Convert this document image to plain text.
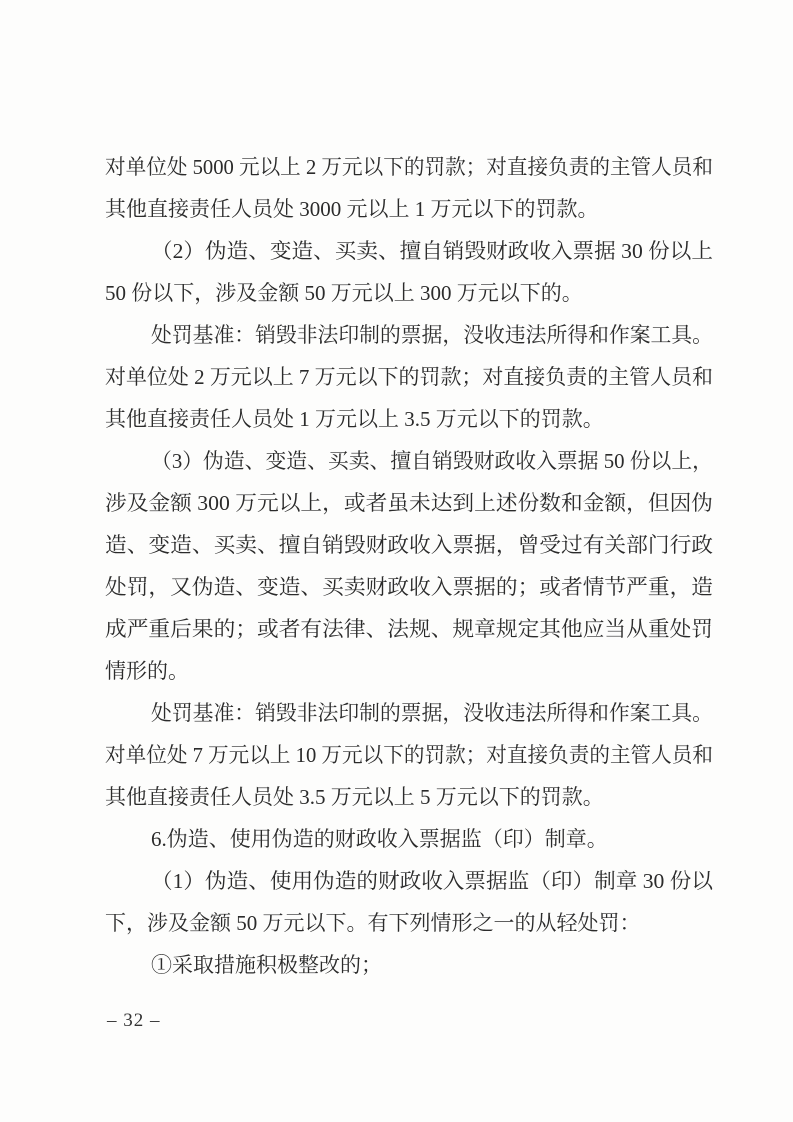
对单位处 5000 元以上 2 万元以下的罚款；对直接负责的主管人员和

其他直接责任人员处 3000 元以上 1 万元以下的罚款。

（2）伪造、变造、买卖、擅自销毁财政收入票据 30 份以上

50 份以下，涉及金额 50 万元以上 300 万元以下的。

处罚基准：销毁非法印制的票据，没收违法所得和作案工具。

对单位处 2 万元以上 7 万元以下的罚款；对直接负责的主管人员和

其他直接责任人员处 1 万元以上 3.5 万元以下的罚款。

（3）伪造、变造、买卖、擅自销毁财政收入票据 50 份以上，

涉及金额 300 万元以上，或者虽未达到上述份数和金额，但因伪

造、变造、买卖、擅自销毁财政收入票据，曾受过有关部门行政

处罚，又伪造、变造、买卖财政收入票据的；或者情节严重，造

成严重后果的；或者有法律、法规、规章规定其他应当从重处罚

情形的。

处罚基准：销毁非法印制的票据，没收违法所得和作案工具。

对单位处 7 万元以上 10 万元以下的罚款；对直接负责的主管人员和

其他直接责任人员处 3.5 万元以上 5 万元以下的罚款。

6.伪造、使用伪造的财政收入票据监（印）制章。

（1）伪造、使用伪造的财政收入票据监（印）制章 30 份以

下，涉及金额 50 万元以下。有下列情形之一的从轻处罚：

①采取措施积极整改的；

– 32 –
